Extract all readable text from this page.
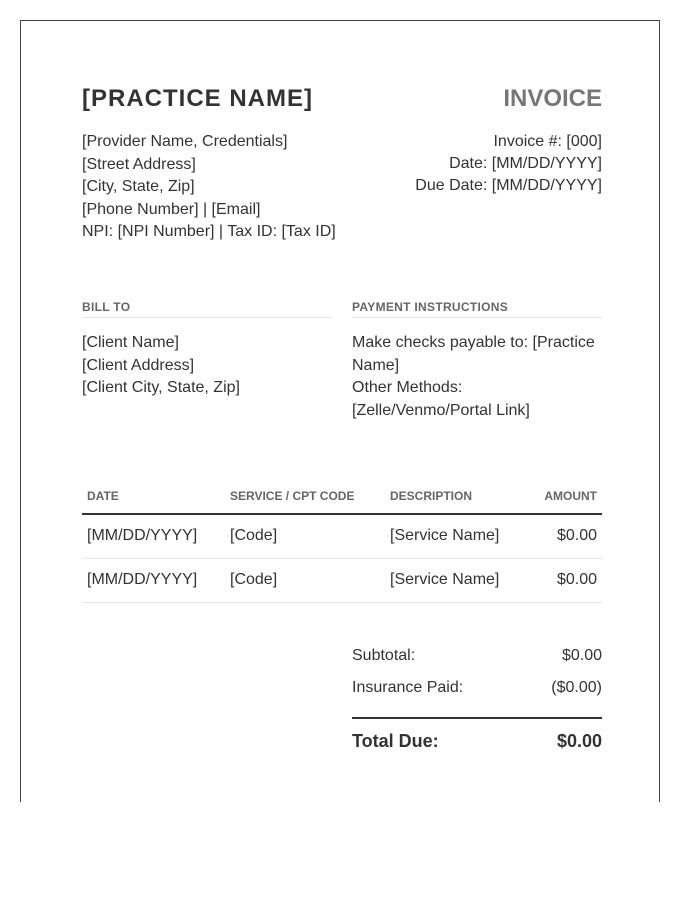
[PRACTICE NAME]	INVOICE
[Provider Name, Credentials]
[Street Address]
[City, State, Zip]
[Phone Number] | [Email]
NPI: [NPI Number] | Tax ID: [Tax ID]
Invoice #: [000]
Date: [MM/DD/YYYY]
Due Date: [MM/DD/YYYY]
BILL TO	PAYMENT INSTRUCTIONS
[Client Name]
[Client Address]
[Client City, State, Zip]
Make checks payable to: [Practice
Name]
Other Methods:
[Zelle/Venmo/Portal Link]
DATE	SERVICE / CPT CODE	DESCRIPTION	AMOUNT
[MM/DD/YYYY] [Code]	[Service Name]	$0.00
[MM/DD/YYYY] [Code]	[Service Name]	$0.00
Subtotal:	$0.00
Insurance Paid:	($0.00)
Total Due:	$0.00
